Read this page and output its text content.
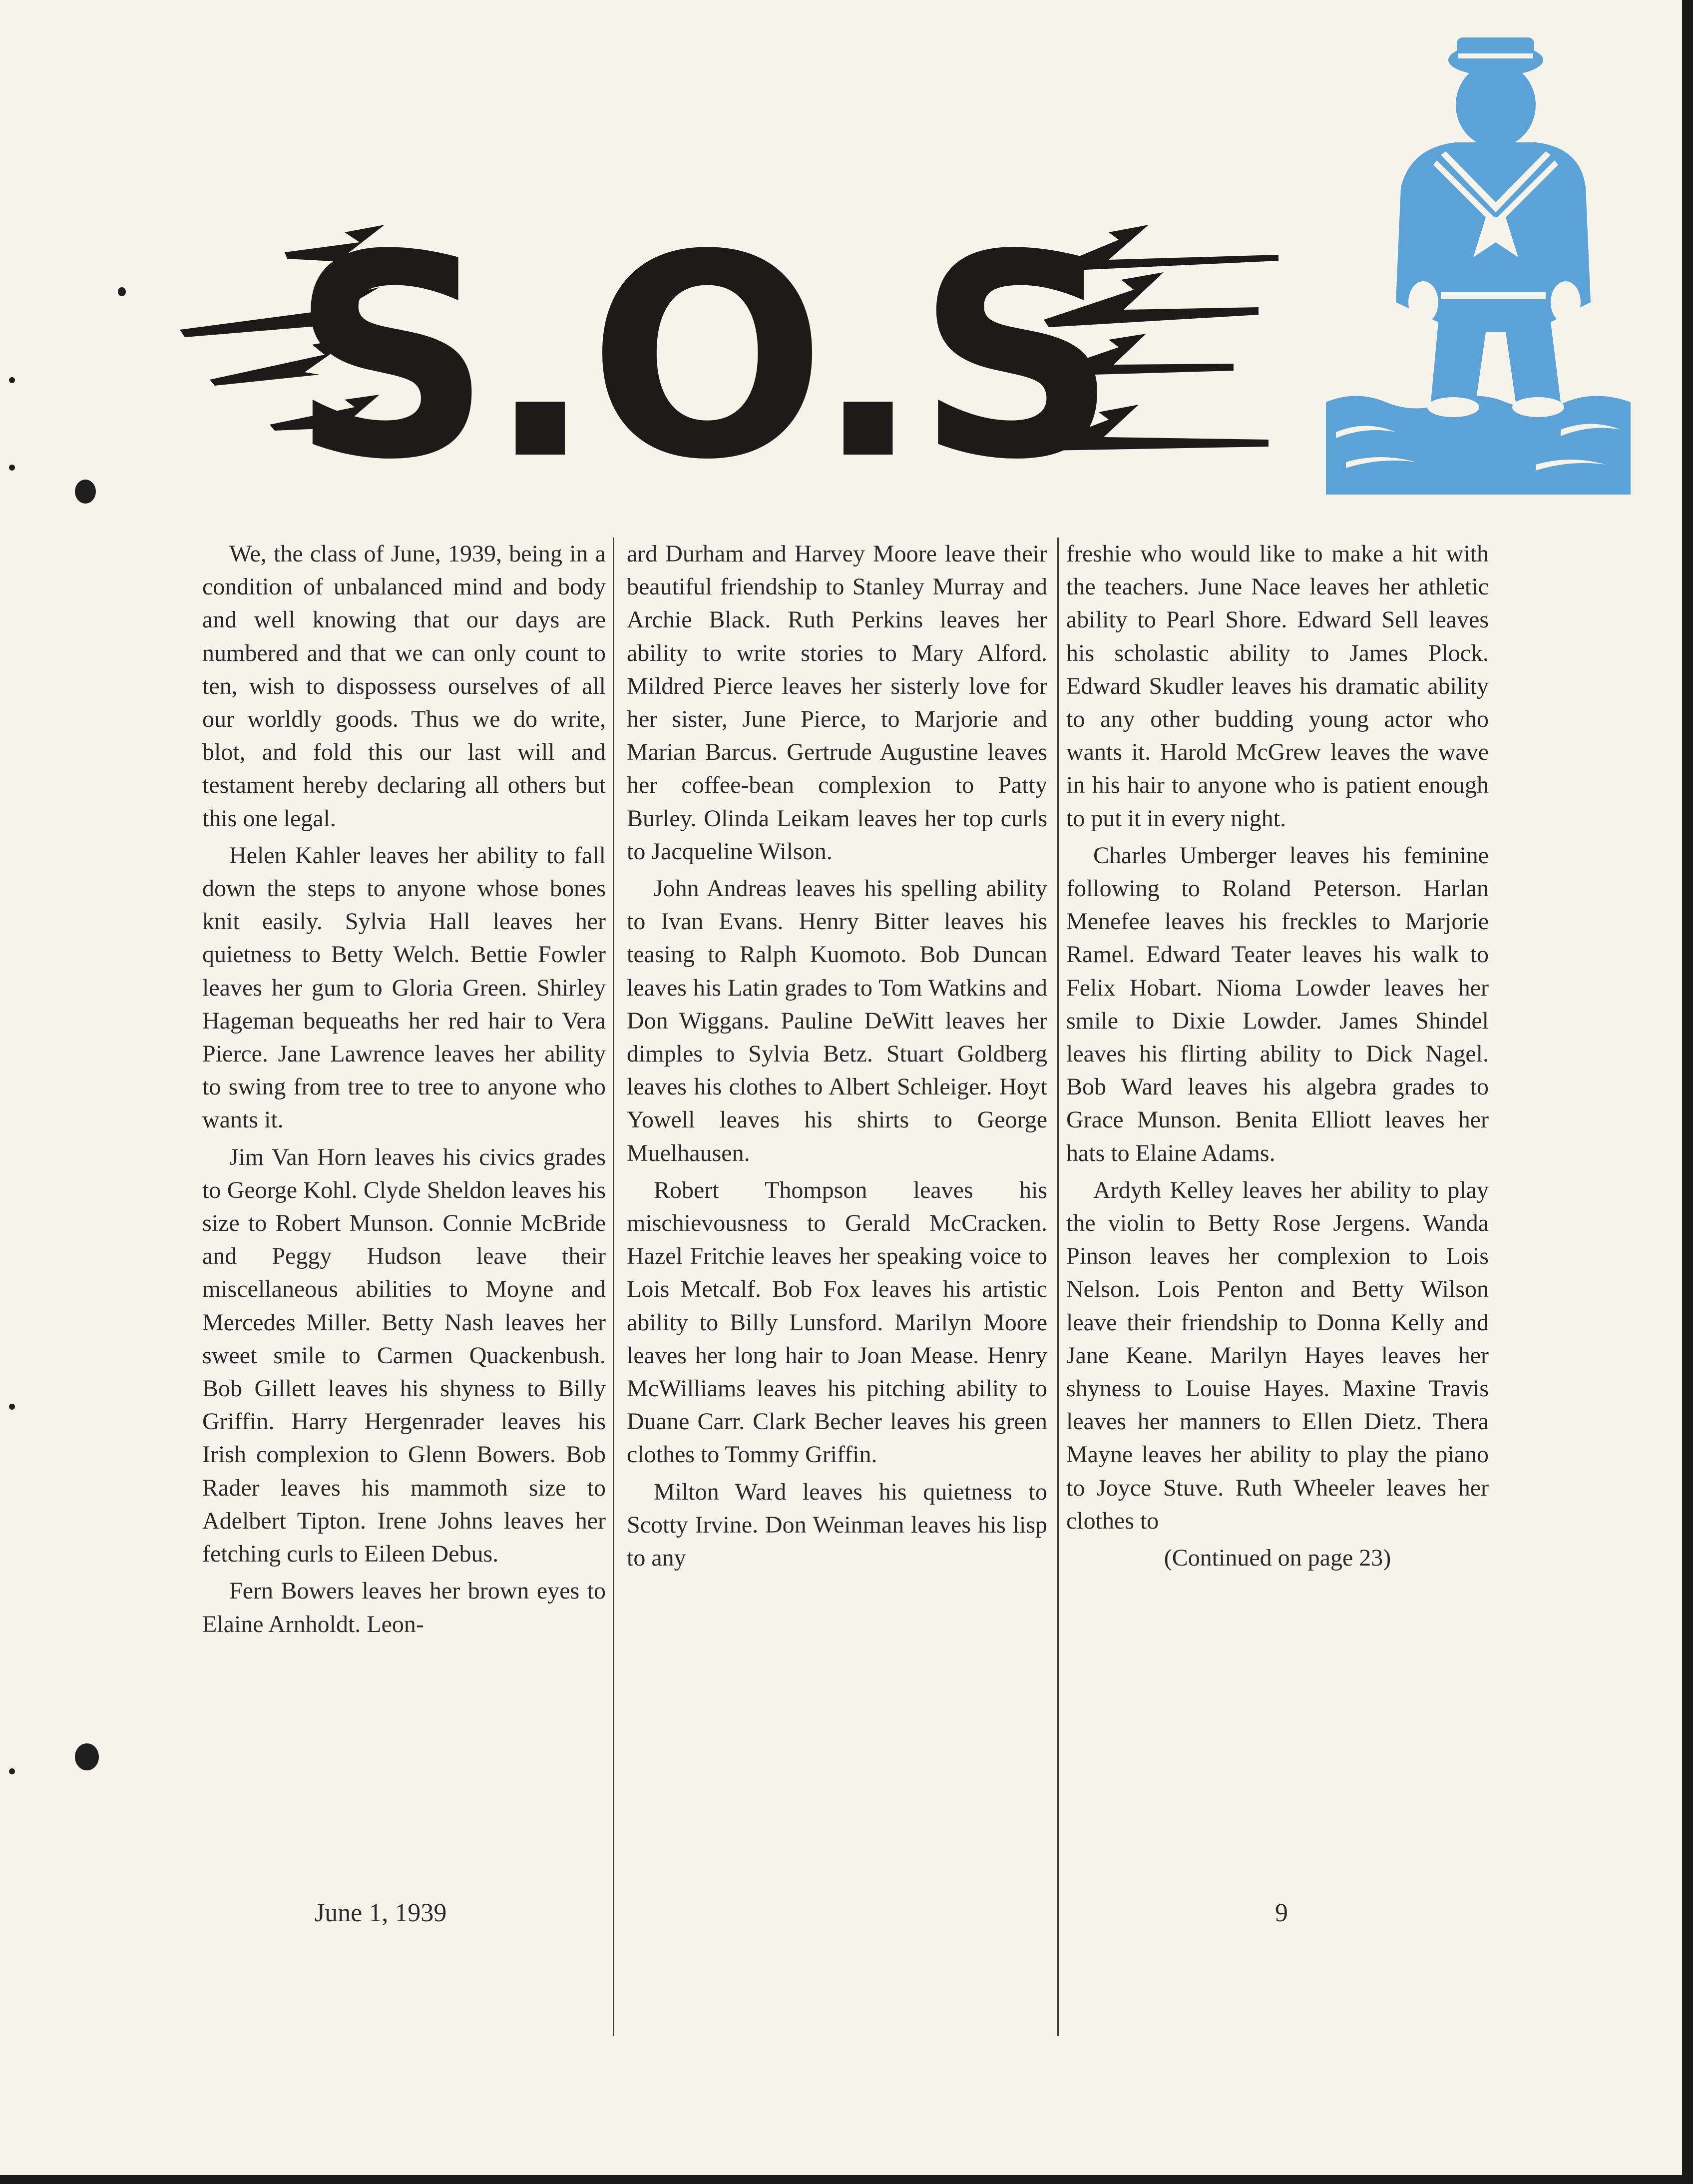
S.O.S

We, the class of June, 1939, being in a condition of unbalanced mind and body and well knowing that our days are numbered and that we can only count to ten, wish to dispossess ourselves of all our worldly goods. Thus we do write, blot, and fold this our last will and testament hereby declaring all others but this one legal.

Helen Kahler leaves her ability to fall down the steps to anyone whose bones knit easily. Sylvia Hall leaves her quietness to Betty Welch. Bettie Fowler leaves her gum to Gloria Green. Shirley Hageman bequeaths her red hair to Vera Pierce. Jane Lawrence leaves her ability to swing from tree to tree to anyone who wants it.

Jim Van Horn leaves his civics grades to George Kohl. Clyde Sheldon leaves his size to Robert Munson. Connie McBride and Peggy Hudson leave their miscellaneous abilities to Moyne and Mercedes Miller. Betty Nash leaves her sweet smile to Carmen Quackenbush. Bob Gillett leaves his shyness to Billy Griffin. Harry Hergenrader leaves his Irish complexion to Glenn Bowers. Bob Rader leaves his mammoth size to Adelbert Tipton. Irene Johns leaves her fetching curls to Eileen Debus.

Fern Bowers leaves her brown eyes to Elaine Arnholdt. Leon-

ard Durham and Harvey Moore leave their beautiful friendship to Stanley Murray and Archie Black. Ruth Perkins leaves her ability to write stories to Mary Alford. Mildred Pierce leaves her sisterly love for her sister, June Pierce, to Marjorie and Marian Barcus. Gertrude Augustine leaves her coffee-bean complexion to Patty Burley. Olinda Leikam leaves her top curls to Jacqueline Wilson.

John Andreas leaves his spelling ability to Ivan Evans. Henry Bitter leaves his teasing to Ralph Kuomoto. Bob Duncan leaves his Latin grades to Tom Watkins and Don Wiggans. Pauline DeWitt leaves her dimples to Sylvia Betz. Stuart Goldberg leaves his clothes to Albert Schleiger. Hoyt Yowell leaves his shirts to George Muelhausen.

Robert Thompson leaves his mischievousness to Gerald McCracken. Hazel Fritchie leaves her speaking voice to Lois Metcalf. Bob Fox leaves his artistic ability to Billy Lunsford. Marilyn Moore leaves her long hair to Joan Mease. Henry McWilliams leaves his pitching ability to Duane Carr. Clark Becher leaves his green clothes to Tommy Griffin.

Milton Ward leaves his quietness to Scotty Irvine. Don Weinman leaves his lisp to any

freshie who would like to make a hit with the teachers. June Nace leaves her athletic ability to Pearl Shore. Edward Sell leaves his scholastic ability to James Plock. Edward Skudler leaves his dramatic ability to any other budding young actor who wants it. Harold McGrew leaves the wave in his hair to anyone who is patient enough to put it in every night.

Charles Umberger leaves his feminine following to Roland Peterson. Harlan Menefee leaves his freckles to Marjorie Ramel. Edward Teater leaves his walk to Felix Hobart. Nioma Lowder leaves her smile to Dixie Lowder. James Shindel leaves his flirting ability to Dick Nagel. Bob Ward leaves his algebra grades to Grace Munson. Benita Elliott leaves her hats to Elaine Adams.

Ardyth Kelley leaves her ability to play the violin to Betty Rose Jergens. Wanda Pinson leaves her complexion to Lois Nelson. Lois Penton and Betty Wilson leave their friendship to Donna Kelly and Jane Keane. Marilyn Hayes leaves her shyness to Louise Hayes. Maxine Travis leaves her manners to Ellen Dietz. Thera Mayne leaves her ability to play the piano to Joyce Stuve. Ruth Wheeler leaves her clothes to

(Continued on page 23)

June 1, 1939	9
